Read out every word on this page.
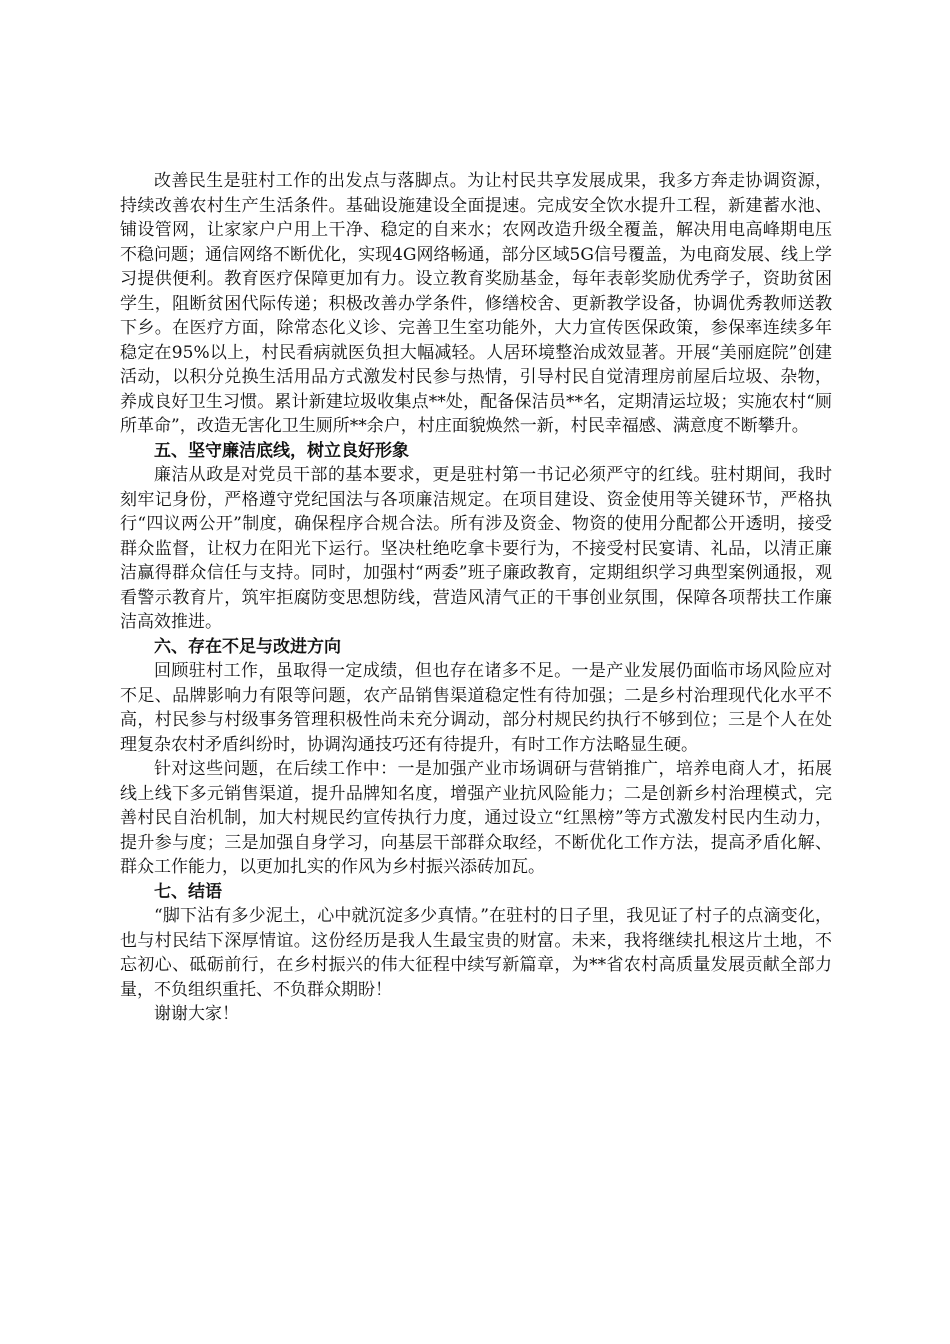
改善民生是驻村工作的出发点与落脚点。为让村民共享发展成果，我多方奔走协调资源，持续改善农村生产生活条件。基础设施建设全面提速。完成安全饮水提升工程，新建蓄水池、铺设管网，让家家户户用上干净、稳定的自来水；农网改造升级全覆盖，解决用电高峰期电压不稳问题；通信网络不断优化，实现4G网络畅通，部分区域5G信号覆盖，为电商发展、线上学习提供便利。教育医疗保障更加有力。设立教育奖励基金，每年表彰奖励优秀学子，资助贫困学生，阻断贫困代际传递；积极改善办学条件，修缮校舍、更新教学设备，协调优秀教师送教下乡。在医疗方面，除常态化义诊、完善卫生室功能外，大力宣传医保政策，参保率连续多年稳定在95%以上，村民看病就医负担大幅减轻。人居环境整治成效显著。开展“美丽庭院”创建活动，以积分兑换生活用品方式激发村民参与热情，引导村民自觉清理房前屋后垃圾、杂物，养成良好卫生习惯。累计新建垃圾收集点**处，配备保洁员**名，定期清运垃圾；实施农村“厕所革命”，改造无害化卫生厕所**余户，村庄面貌焕然一新，村民幸福感、满意度不断攀升。

五、坚守廉洁底线，树立良好形象

廉洁从政是对党员干部的基本要求，更是驻村第一书记必须严守的红线。驻村期间，我时刻牢记身份，严格遵守党纪国法与各项廉洁规定。在项目建设、资金使用等关键环节，严格执行“四议两公开”制度，确保程序合规合法。所有涉及资金、物资的使用分配都公开透明，接受群众监督，让权力在阳光下运行。坚决杜绝吃拿卡要行为，不接受村民宴请、礼品，以清正廉洁赢得群众信任与支持。同时，加强村“两委”班子廉政教育，定期组织学习典型案例通报，观看警示教育片，筑牢拒腐防变思想防线，营造风清气正的干事创业氛围，保障各项帮扶工作廉洁高效推进。

六、存在不足与改进方向

回顾驻村工作，虽取得一定成绩，但也存在诸多不足。一是产业发展仍面临市场风险应对不足、品牌影响力有限等问题，农产品销售渠道稳定性有待加强；二是乡村治理现代化水平不高，村民参与村级事务管理积极性尚未充分调动，部分村规民约执行不够到位；三是个人在处理复杂农村矛盾纠纷时，协调沟通技巧还有待提升，有时工作方法略显生硬。

针对这些问题，在后续工作中：一是加强产业市场调研与营销推广，培养电商人才，拓展线上线下多元销售渠道，提升品牌知名度，增强产业抗风险能力；二是创新乡村治理模式，完善村民自治机制，加大村规民约宣传执行力度，通过设立“红黑榜”等方式激发村民内生动力，提升参与度；三是加强自身学习，向基层干部群众取经，不断优化工作方法，提高矛盾化解、群众工作能力，以更加扎实的作风为乡村振兴添砖加瓦。

七、结语

“脚下沾有多少泥土，心中就沉淀多少真情。”在驻村的日子里，我见证了村子的点滴变化，也与村民结下深厚情谊。这份经历是我人生最宝贵的财富。未来，我将继续扎根这片土地，不忘初心、砥砺前行，在乡村振兴的伟大征程中续写新篇章，为**省农村高质量发展贡献全部力量，不负组织重托、不负群众期盼！

谢谢大家！
